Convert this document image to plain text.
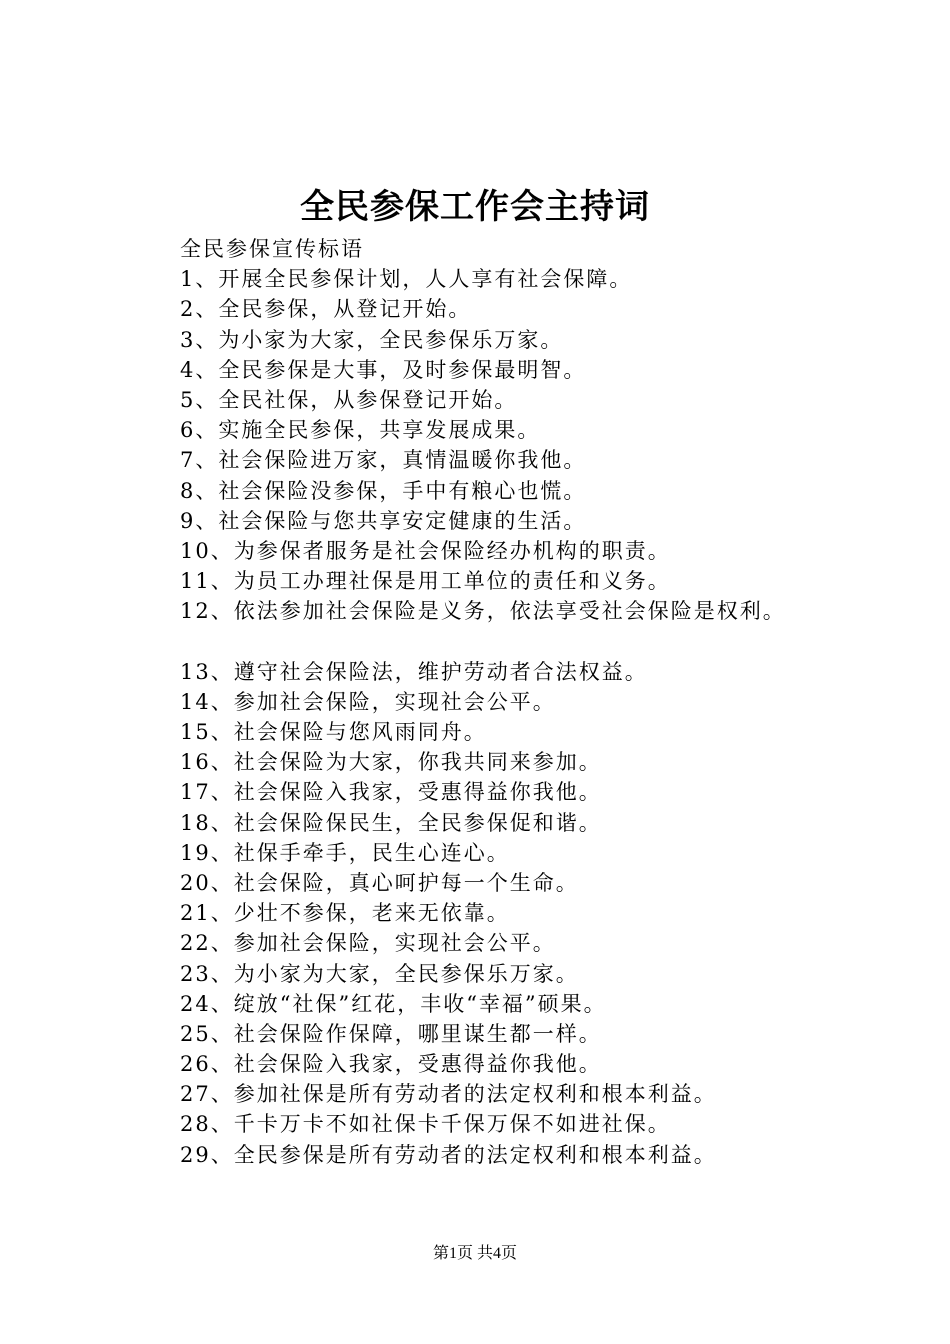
全民参保工作会主持词
全民参保宣传标语
1、开展全民参保计划，人人享有社会保障。
2、全民参保，从登记开始。
3、为小家为大家，全民参保乐万家。
4、全民参保是大事，及时参保最明智。
5、全民社保，从参保登记开始。
6、实施全民参保，共享发展成果。
7、社会保险进万家，真情温暖你我他。
8、社会保险没参保，手中有粮心也慌。
9、社会保险与您共享安定健康的生活。
10、为参保者服务是社会保险经办机构的职责。
11、为员工办理社保是用工单位的责任和义务。
12、依法参加社会保险是义务，依法享受社会保险是权利。
13、遵守社会保险法，维护劳动者合法权益。
14、参加社会保险，实现社会公平。
15、社会保险与您风雨同舟。
16、社会保险为大家，你我共同来参加。
17、社会保险入我家，受惠得益你我他。
18、社会保险保民生，全民参保促和谐。
19、社保手牵手，民生心连心。
20、社会保险，真心呵护每一个生命。
21、少壮不参保，老来无依靠。
22、参加社会保险，实现社会公平。
23、为小家为大家，全民参保乐万家。
24、绽放“社保”红花，丰收“幸福”硕果。
25、社会保险作保障，哪里谋生都一样。
26、社会保险入我家，受惠得益你我他。
27、参加社保是所有劳动者的法定权利和根本利益。
28、千卡万卡不如社保卡千保万保不如进社保。
29、全民参保是所有劳动者的法定权利和根本利益。
第1页 共4页
